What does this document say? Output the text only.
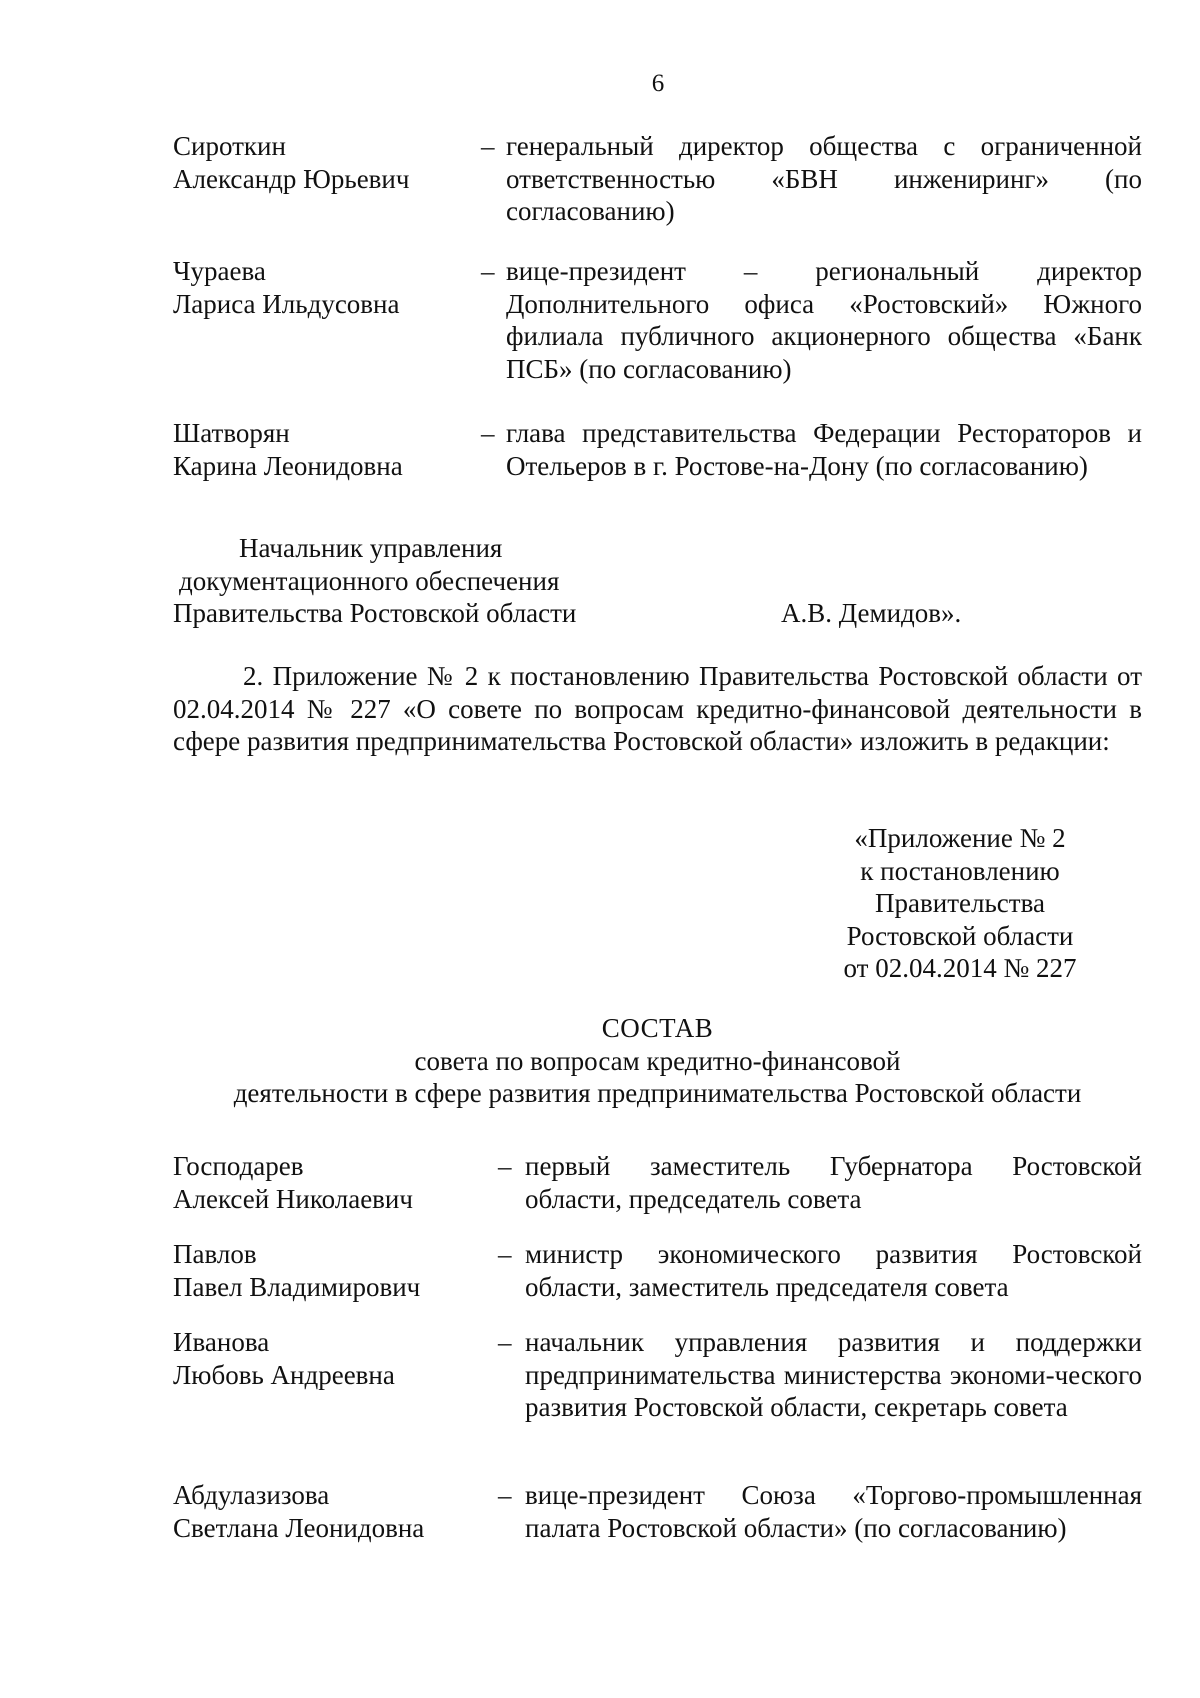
6
Сироткин
Александр Юрьевич
– генеральный директор общества с ограниченной ответственностью «БВН инжениринг» (по согласованию)
Чураева
Лариса Ильдусовна
– вице-президент – региональный директор Дополнительного офиса «Ростовский» Южного филиала публичного акционерного общества «Банк ПСБ» (по согласованию)
Шатворян
Карина Леонидовна
– глава представительства Федерации Рестораторов и Отельеров в г. Ростове-на-Дону (по согласованию)
Начальник управления
документационного обеспечения
Правительства Ростовской области	А.В. Демидов».
2. Приложение № 2 к постановлению Правительства Ростовской области от 02.04.2014 № 227 «О совете по вопросам кредитно-финансовой деятельности в сфере развития предпринимательства Ростовской области» изложить в редакции:
«Приложение № 2
к постановлению
Правительства
Ростовской области
от 02.04.2014 № 227
СОСТАВ
совета по вопросам кредитно-финансовой
деятельности в сфере развития предпринимательства Ростовской области
Господарев
Алексей Николаевич
– первый заместитель Губернатора Ростовской области, председатель совета
Павлов
Павел Владимирович
– министр экономического развития Ростовской области, заместитель председателя совета
Иванова
Любовь Андреевна
– начальник управления развития и поддержки предпринимательства министерства экономи-ческого развития Ростовской области, секретарь совета
Абдулазизова
Светлана Леонидовна
– вице-президент Союза «Торгово-промышленная палата Ростовской области» (по согласованию)
